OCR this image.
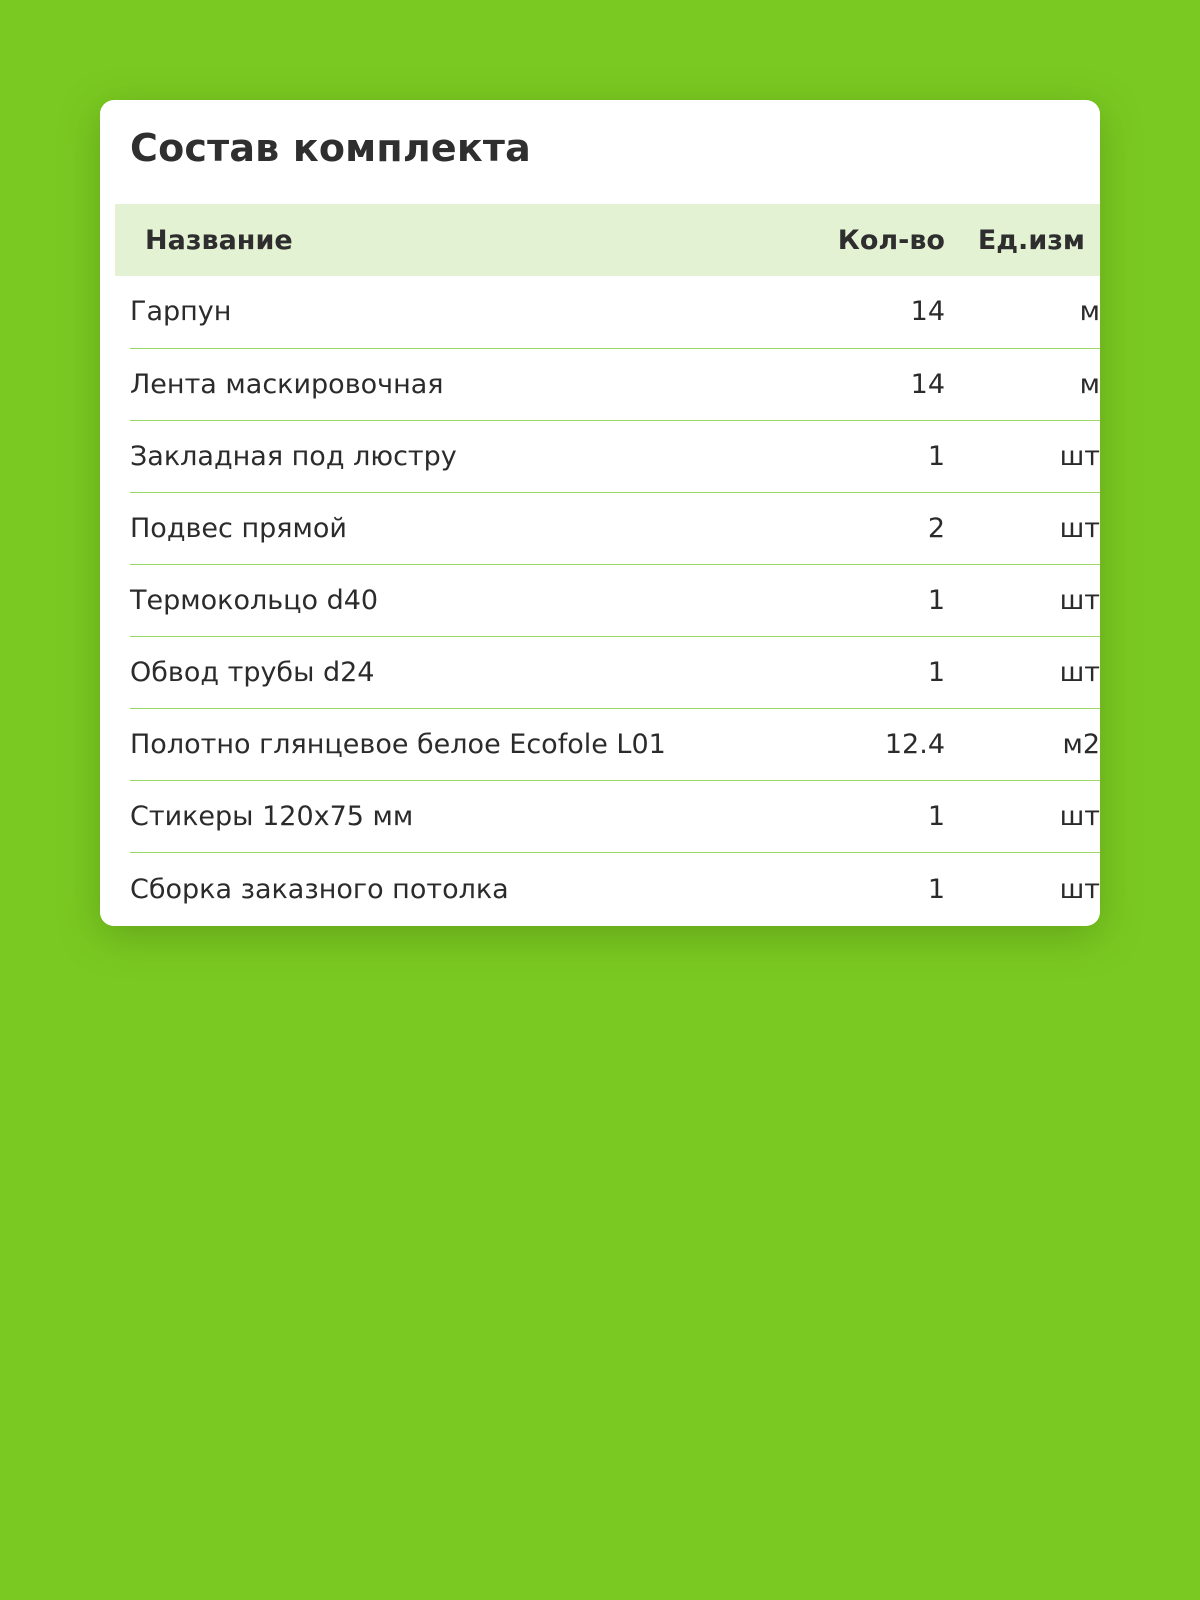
Состав комплекта
Название	Кол-во	Ед.изм
Гарпун	14	м
Лента маскировочная	14	м
Закладная под люстру	1	шт
Подвес прямой	2	шт
Термокольцо d40	1	шт
Обвод трубы d24	1	шт
Полотно глянцевое белое Ecofole L01	12.4	м2
Стикеры 120x75 мм	1	шт
Сборка заказного потолка	1	шт
